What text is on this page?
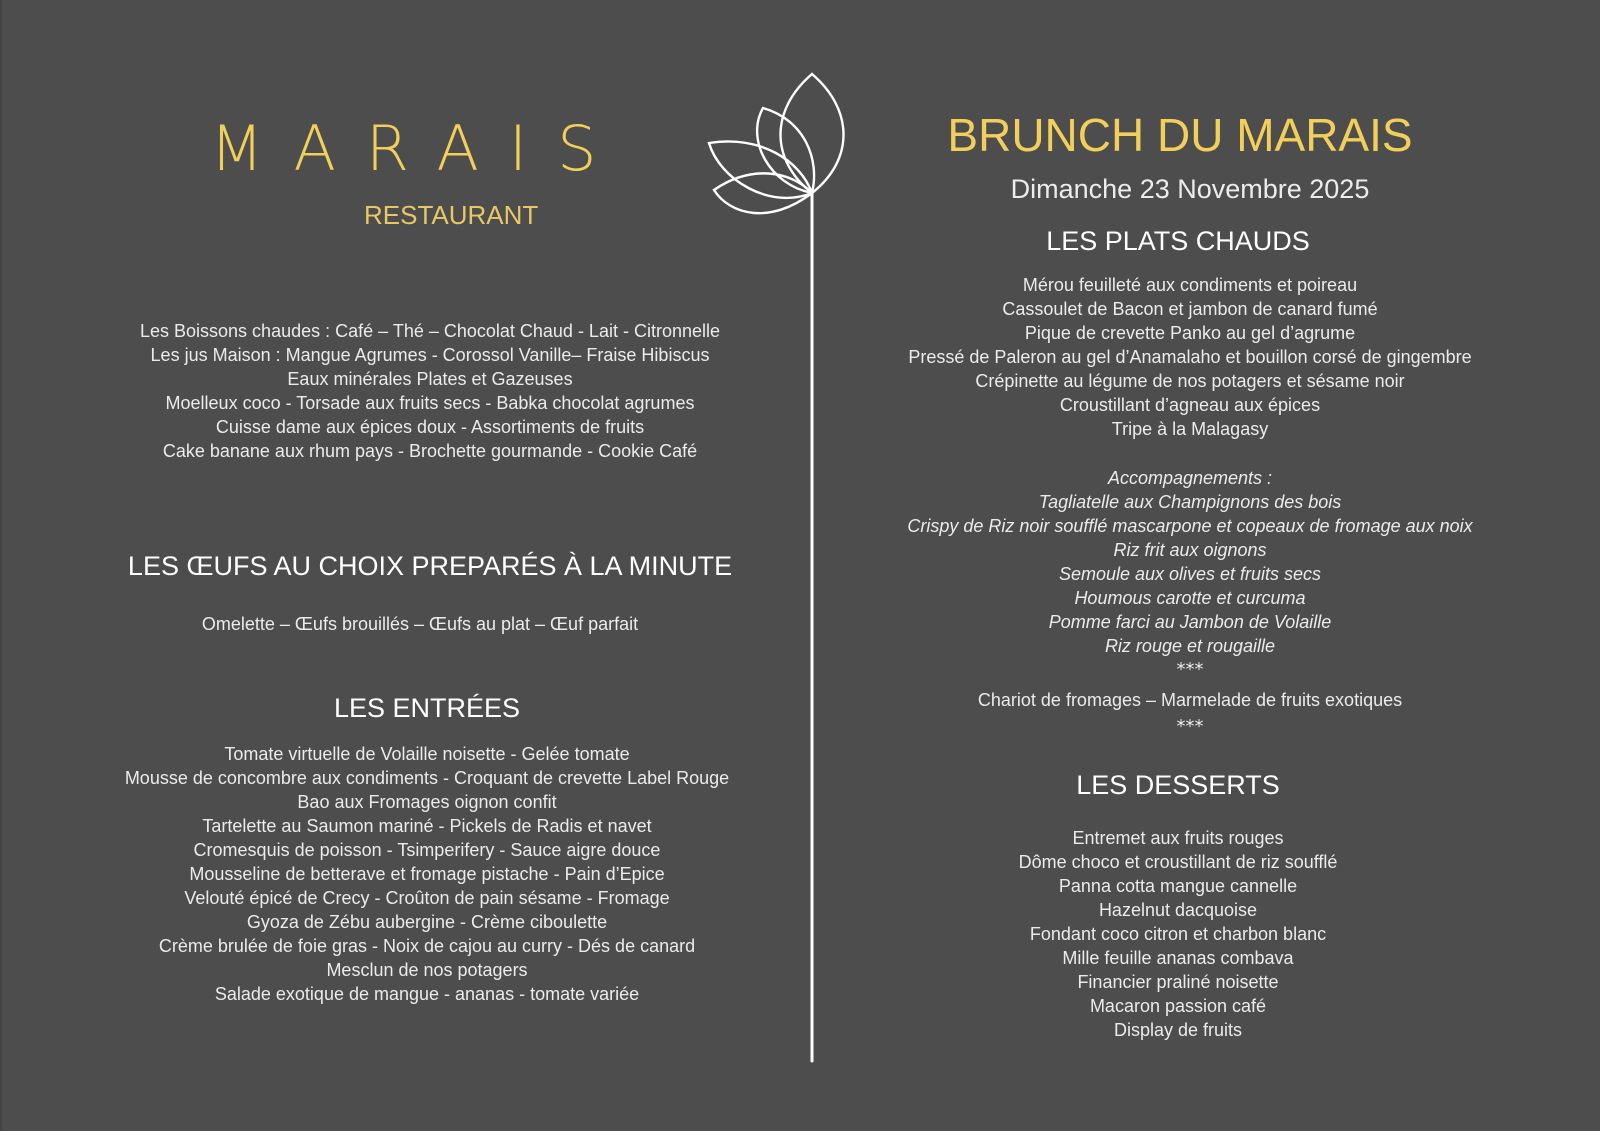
MARAIS
RESTAURANT
Les Boissons chaudes : Café – Thé – Chocolat Chaud - Lait - Citronnelle
Les jus Maison : Mangue Agrumes - Corossol Vanille– Fraise Hibiscus
Eaux minérales Plates et Gazeuses
Moelleux coco - Torsade aux fruits secs - Babka chocolat agrumes
Cuisse dame aux épices doux - Assortiments de fruits
Cake banane aux rhum pays - Brochette gourmande - Cookie Café
LES ŒUFS AU CHOIX PREPARÉS À LA MINUTE
Omelette – Œufs brouillés – Œufs au plat – Œuf parfait
LES ENTRÉES
Tomate virtuelle de Volaille noisette - Gelée tomate
Mousse de concombre aux condiments - Croquant de crevette Label Rouge
Bao aux Fromages oignon confit
Tartelette au Saumon mariné - Pickels de Radis et navet
Cromesquis de poisson - Tsimperifery - Sauce aigre douce
Mousseline de betterave et fromage pistache - Pain d’Epice
Velouté épicé de Crecy - Croûton de pain sésame - Fromage
Gyoza de Zébu aubergine - Crème ciboulette
Crème brulée de foie gras - Noix de cajou au curry - Dés de canard
Mesclun de nos potagers
Salade exotique de mangue - ananas - tomate variée
BRUNCH DU MARAIS
Dimanche 23 Novembre 2025
LES PLATS CHAUDS
Mérou feuilleté aux condiments et poireau
Cassoulet de Bacon et jambon de canard fumé
Pique de crevette Panko au gel d’agrume
Pressé de Paleron au gel d’Anamalaho et bouillon corsé de gingembre
Crépinette au légume de nos potagers et sésame noir
Croustillant d’agneau aux épices
Tripe à la Malagasy
Accompagnements :
Tagliatelle aux Champignons des bois
Crispy de Riz noir soufflé mascarpone et copeaux de fromage aux noix
Riz frit aux oignons
Semoule aux olives et fruits secs
Houmous carotte et curcuma
Pomme farci au Jambon de Volaille
Riz rouge et rougaille
***
Chariot de fromages – Marmelade de fruits exotiques
***
LES DESSERTS
Entremet aux fruits rouges
Dôme choco et croustillant de riz soufflé
Panna cotta mangue cannelle
Hazelnut dacquoise
Fondant coco citron et charbon blanc
Mille feuille ananas combava
Financier praliné noisette
Macaron passion café
Display de fruits
